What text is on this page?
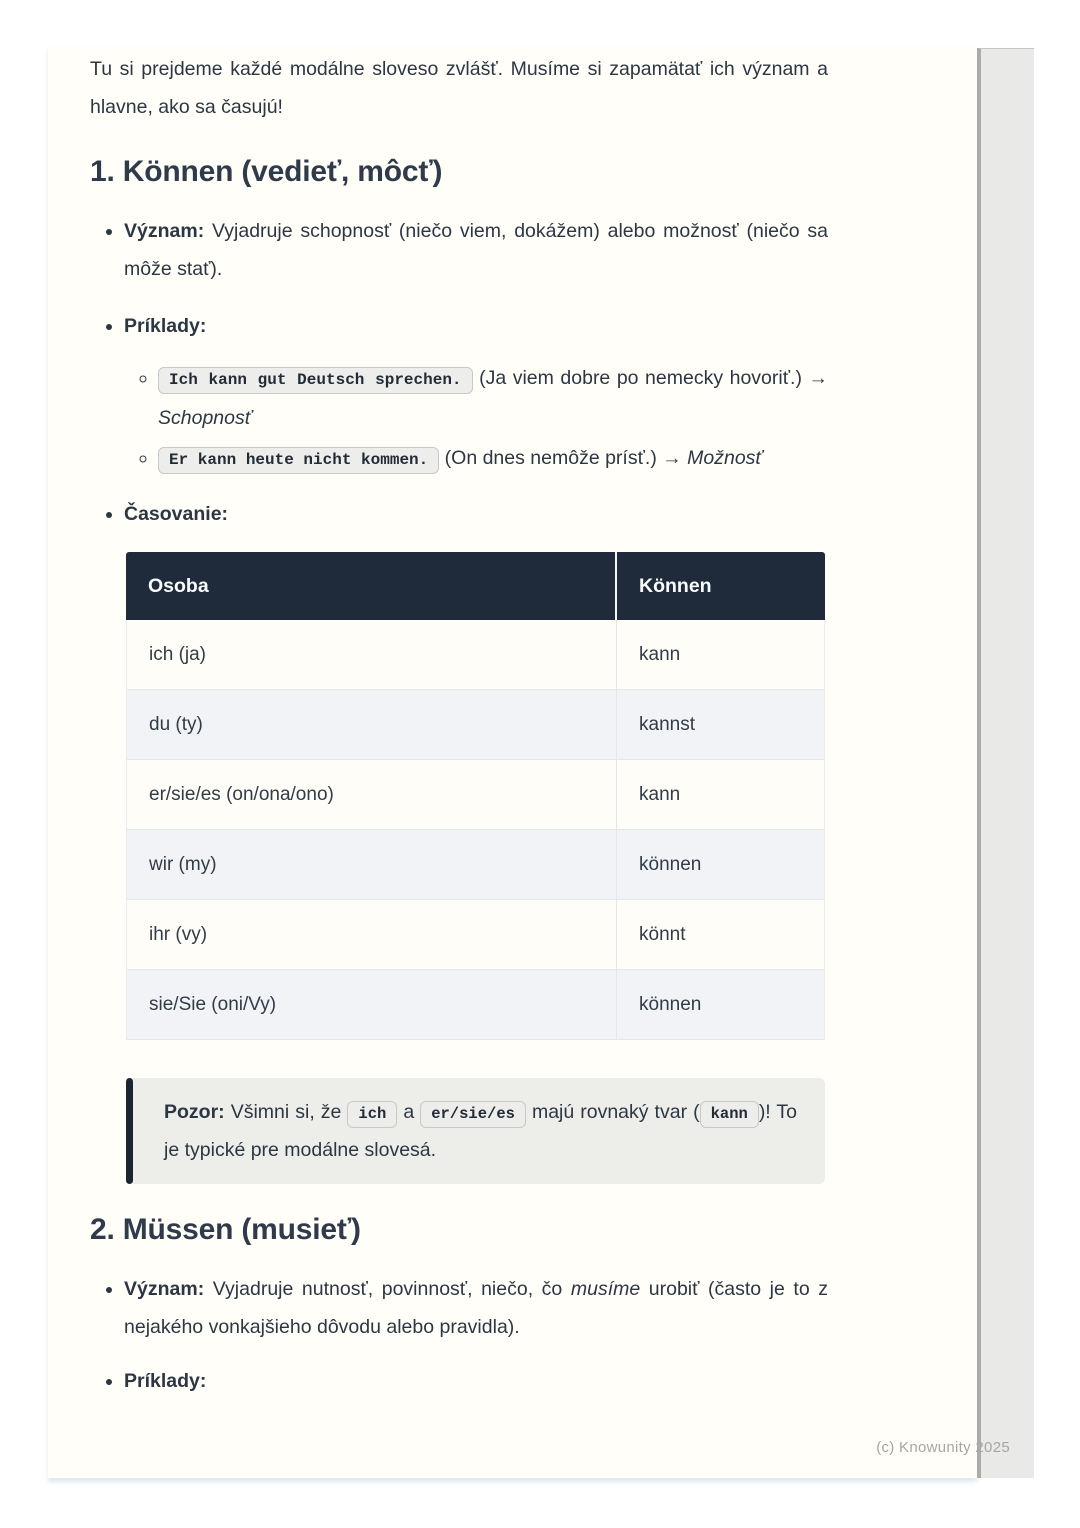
Tu si prejdeme každé modálne sloveso zvlášť. Musíme si zapamätať ich význam a hlavne, ako sa časujú!

1. Können (vedieť, môcť)
• Význam: Vyjadruje schopnosť (niečo viem, dokážem) alebo možnosť (niečo sa môže stať).
• Príklady:
◦ Ich kann gut Deutsch sprechen. (Ja viem dobre po nemecky hovoriť.) → Schopnosť
◦ Er kann heute nicht kommen. (On dnes nemôže prísť.) → Možnosť
• Časovanie:
Osoba	Können
ich (ja)	kann
du (ty)	kannst
er/sie/es (on/ona/ono)	kann
wir (my)	können
ihr (vy)	könnt
sie/Sie (oni/Vy)	können
Pozor: Všimni si, že ich a er/sie/es majú rovnaký tvar ( kann )! To je typické pre modálne slovesá.
2. Müssen (musieť)
• Význam: Vyjadruje nutnosť, povinnosť, niečo, čo musíme urobiť (často je to z nejakého vonkajšieho dôvodu alebo pravidla).
• Príklady:
(c) Knowunity 2025
